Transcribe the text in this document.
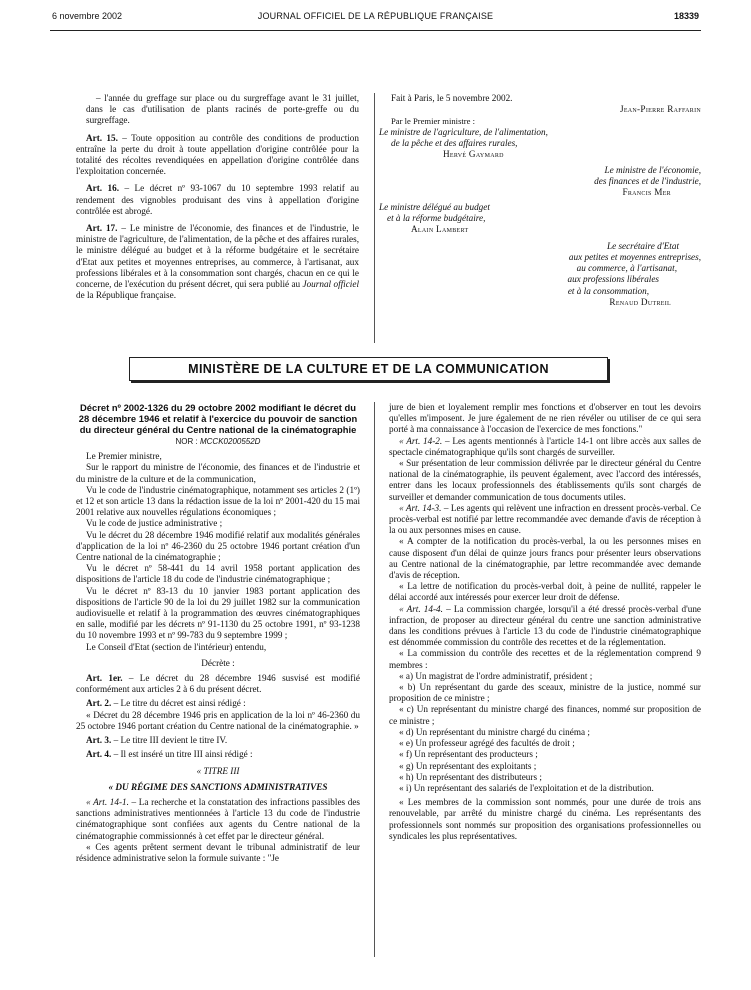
6 novembre 2002	JOURNAL OFFICIEL DE LA RÉPUBLIQUE FRANÇAISE	18339

– l'année du greffage sur place ou du surgreffage avant le 31 juillet, dans le cas d'utilisation de plants racinés de porte-greffe ou du surgreffage.

Art. 15. – Toute opposition au contrôle des conditions de production entraîne la perte du droit à toute appellation d'origine contrôlée pour la totalité des récoltes revendiquées en appellation d'origine contrôlée dans l'exploitation concernée.

Art. 16. – Le décret nº 93-1067 du 10 septembre 1993 relatif au rendement des vignobles produisant des vins à appellation d'origine contrôlée est abrogé.

Art. 17. – Le ministre de l'économie, des finances et de l'industrie, le ministre de l'agriculture, de l'alimentation, de la pêche et des affaires rurales, le ministre délégué au budget et à la réforme budgétaire et le secrétaire d'Etat aux petites et moyennes entreprises, au commerce, à l'artisanat, aux professions libérales et à la consommation sont chargés, chacun en ce qui le concerne, de l'exécution du présent décret, qui sera publié au Journal officiel de la République française.

Fait à Paris, le 5 novembre 2002.
Jean-Pierre Raffarin
Par le Premier ministre :
Le ministre de l'agriculture, de l'alimentation,
de la pêche et des affaires rurales,
Hervé Gaymard
Le ministre de l'économie,
des finances et de l'industrie,
Francis Mer
Le ministre délégué au budget
et à la réforme budgétaire,
Alain Lambert
Le secrétaire d'Etat
aux petites et moyennes entreprises,
au commerce, à l'artisanat,
aux professions libérales
et à la consommation,
Renaud Dutreil
MINISTÈRE DE LA CULTURE ET DE LA COMMUNICATION
Décret nº 2002-1326 du 29 octobre 2002 modifiant le décret du 28 décembre 1946 et relatif à l'exercice du pouvoir de sanction du directeur général du Centre national de la cinématographie
NOR : MCCK0200552D

Le Premier ministre,

Sur le rapport du ministre de l'économie, des finances et de l'industrie et du ministre de la culture et de la communication,

Vu le code de l'industrie cinématographique, notamment ses articles 2 (1º) et 12 et son article 13 dans la rédaction issue de la loi nº 2001-420 du 15 mai 2001 relative aux nouvelles régulations économiques ;

Vu le code de justice administrative ;

Vu le décret du 28 décembre 1946 modifié relatif aux modalités générales d'application de la loi nº 46-2360 du 25 octobre 1946 portant création d'un Centre national de la cinématographie ;

Vu le décret nº 58-441 du 14 avril 1958 portant application des dispositions de l'article 18 du code de l'industrie cinématographique ;

Vu le décret nº 83-13 du 10 janvier 1983 portant application des dispositions de l'article 90 de la loi du 29 juillet 1982 sur la communication audiovisuelle et relatif à la programmation des œuvres cinématographiques en salle, modifié par les décrets nº 91-1130 du 25 octobre 1991, nº 93-1238 du 10 novembre 1993 et nº 99-783 du 9 septembre 1999 ;

Le Conseil d'Etat (section de l'intérieur) entendu,

Décrète :

Art. 1er. – Le décret du 28 décembre 1946 susvisé est modifié conformément aux articles 2 à 6 du présent décret.

Art. 2. – Le titre du décret est ainsi rédigé :

« Décret du 28 décembre 1946 pris en application de la loi nº 46-2360 du 25 octobre 1946 portant création du Centre national de la cinématographie. »

Art. 3. – Le titre III devient le titre IV.

Art. 4. – Il est inséré un titre III ainsi rédigé :

« TITRE III
« DU RÉGIME DES SANCTIONS ADMINISTRATIVES

« Art. 14-1. – La recherche et la constatation des infractions passibles des sanctions administratives mentionnées à l'article 13 du code de l'industrie cinématographique sont confiées aux agents du Centre national de la cinématographie commissionnés à cet effet par le directeur général.

« Ces agents prêtent serment devant le tribunal administratif de leur résidence administrative selon la formule suivante : "Je

jure de bien et loyalement remplir mes fonctions et d'observer en tout les devoirs qu'elles m'imposent. Je jure également de ne rien révéler ou utiliser de ce qui sera porté à ma connaissance à l'occasion de l'exercice de mes fonctions."

« Art. 14-2. – Les agents mentionnés à l'article 14-1 ont libre accès aux salles de spectacle cinématographique qu'ils sont chargés de surveiller.

« Sur présentation de leur commission délivrée par le directeur général du Centre national de la cinématographie, ils peuvent également, avec l'accord des intéressés, entrer dans les locaux professionnels des établissements qu'ils sont chargés de surveiller et demander communication de tous documents utiles.

« Art. 14-3. – Les agents qui relèvent une infraction en dressent procès-verbal. Ce procès-verbal est notifié par lettre recommandée avec demande d'avis de réception à la ou aux personnes mises en cause.

« A compter de la notification du procès-verbal, la ou les personnes mises en cause disposent d'un délai de quinze jours francs pour présenter leurs observations au Centre national de la cinématographie, par lettre recommandée avec demande d'avis de réception.

« La lettre de notification du procès-verbal doit, à peine de nullité, rappeler le délai accordé aux intéressés pour exercer leur droit de défense.

« Art. 14-4. – La commission chargée, lorsqu'il a été dressé procès-verbal d'une infraction, de proposer au directeur général du centre une sanction administrative dans les conditions prévues à l'article 13 du code de l'industrie cinématographique est dénommée commission du contrôle des recettes et de la réglementation.

« La commission du contrôle des recettes et de la réglementation comprend 9 membres :

« a) Un magistrat de l'ordre administratif, président ;

« b) Un représentant du garde des sceaux, ministre de la justice, nommé sur proposition de ce ministre ;

« c) Un représentant du ministre chargé des finances, nommé sur proposition de ce ministre ;

« d) Un représentant du ministre chargé du cinéma ;

« e) Un professeur agrégé des facultés de droit ;

« f) Un représentant des producteurs ;

« g) Un représentant des exploitants ;

« h) Un représentant des distributeurs ;

« i) Un représentant des salariés de l'exploitation et de la distribution.

« Les membres de la commission sont nommés, pour une durée de trois ans renouvelable, par arrêté du ministre chargé du cinéma. Les représentants des professionnels sont nommés sur proposition des organisations professionnelles ou syndicales les plus représentatives.
